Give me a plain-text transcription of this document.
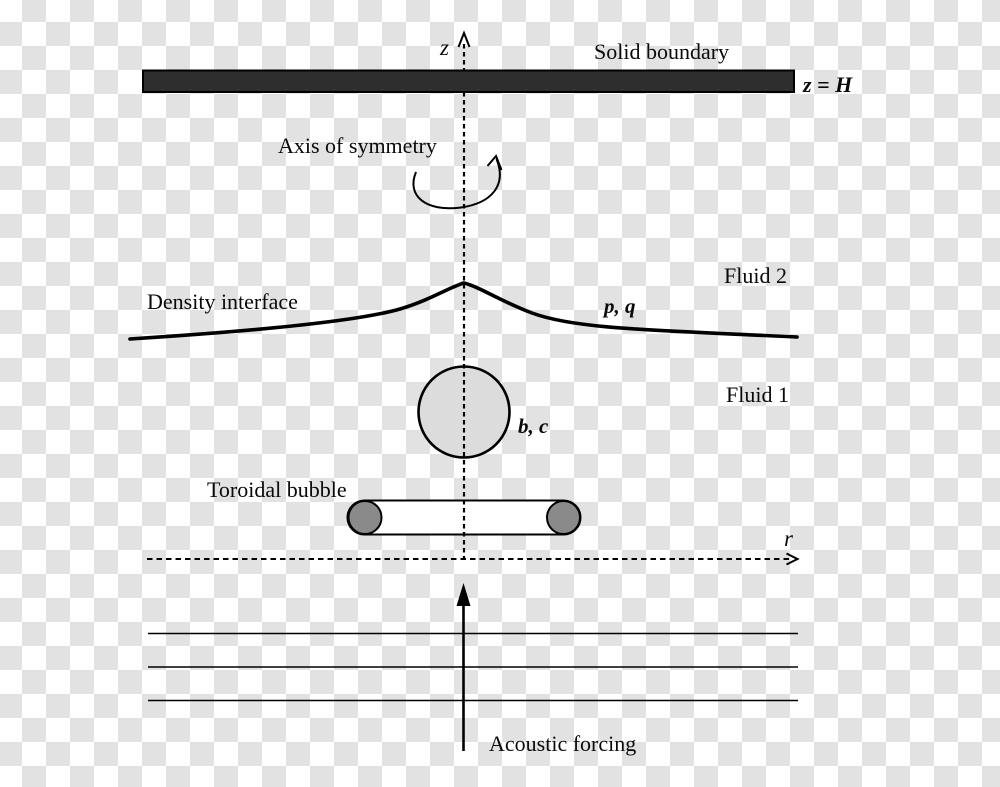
z	Solid boundary
z = H
Axis of symmetry
Fluid 2
p, q
Density interface
Fluid 1
b, c
Toroidal bubble
r
Acoustic forcing
